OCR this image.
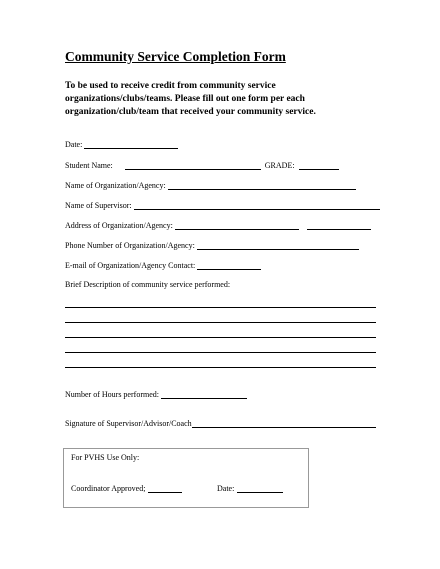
Community Service Completion Form
To be used to receive credit from community service organizations/clubs/teams. Please fill out one form per each organization/club/team that received your community service.
Date:
Student Name:	GRADE:
Name of Organization/Agency:
Name of Supervisor:
Address of Organization/Agency:
Phone Number of Organization/Agency:
E-mail of Organization/Agency Contact:
Brief Description of community service performed:
Number of Hours performed:
Signature of Supervisor/Advisor/Coach
For PVHS Use Only:
Coordinator Approved;	Date:
